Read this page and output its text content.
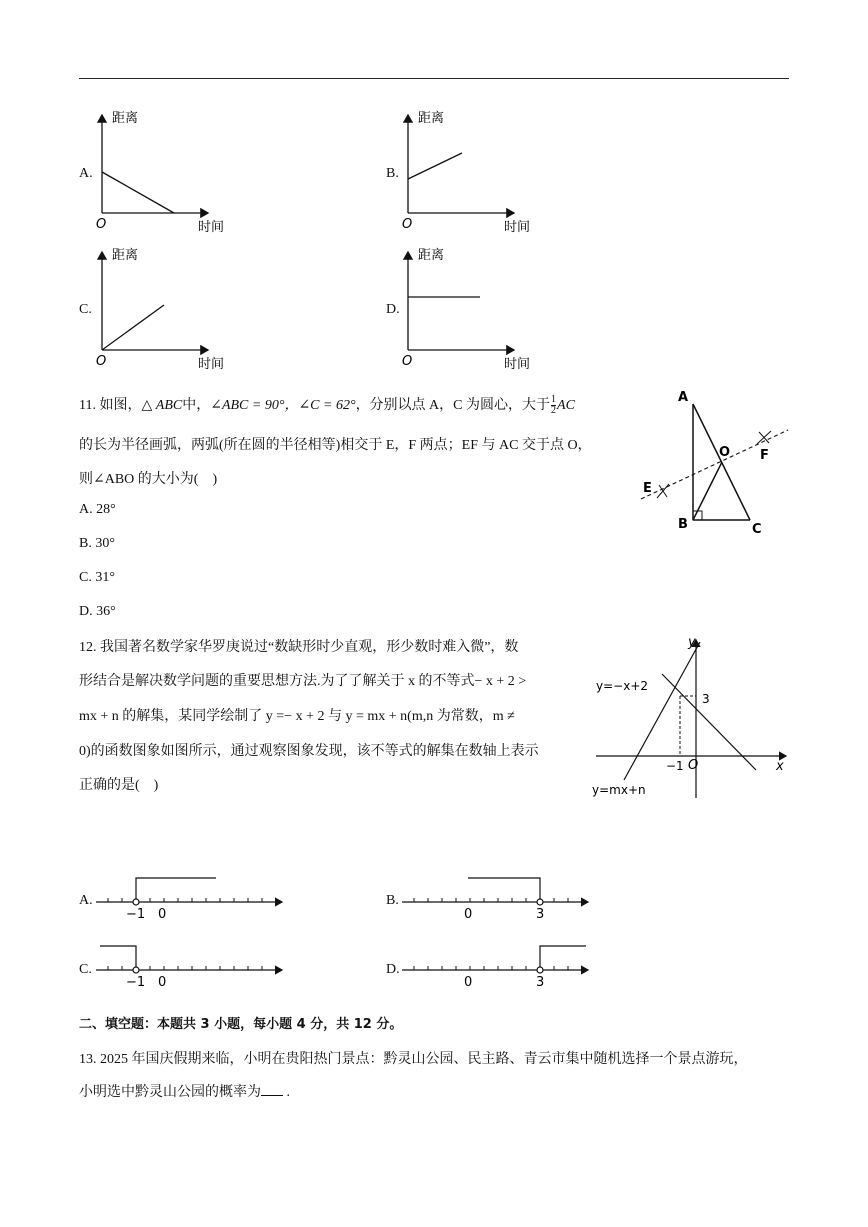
A.
距离
时间
O
B.
距离
时间
O
C.
距离
时间
O
D.
距离
时间
O
11. 如图，△ ABC中，∠ABC = 90°，∠C = 62°，分别以点 A，C 为圆心，大于 $\frac{1}{2}$ AC
的长为半径画弧，两弧(所在圆的半径相等)相交于 E，F 两点；EF 与 AC 交于点 O，
则∠ABO 的大小为(　)
A. 28°
B. 30°
C. 31°
D. 36°
A
O F
E
B	C
12. 我国著名数学家华罗庚说过“数缺形时少直观，形少数时难入微”，数
形结合是解决数学问题的重要思想方法.为了了解关于 x 的不等式− x + 2 >
mx + n 的解集，某同学绘制了 y =− x + 2 与 y = mx + n(m,n 为常数，m ≠
0)的函数图象如图所示，通过观察图象发现，该不等式的解集在数轴上表示
正确的是(　)
y
x
O
y=−x+2
y=mx+n
3
−1
A.
−1 0
B.
0	3
C.
−1 0
D.
0	3
二、填空题：本题共 3 小题，每小题 4 分，共 12 分。
13. 2025 年国庆假期来临，小明在贵阳热门景点：黔灵山公园、民主路、青云市集中随机选择一个景点游玩，
小明选中黔灵山公园的概率为 .
